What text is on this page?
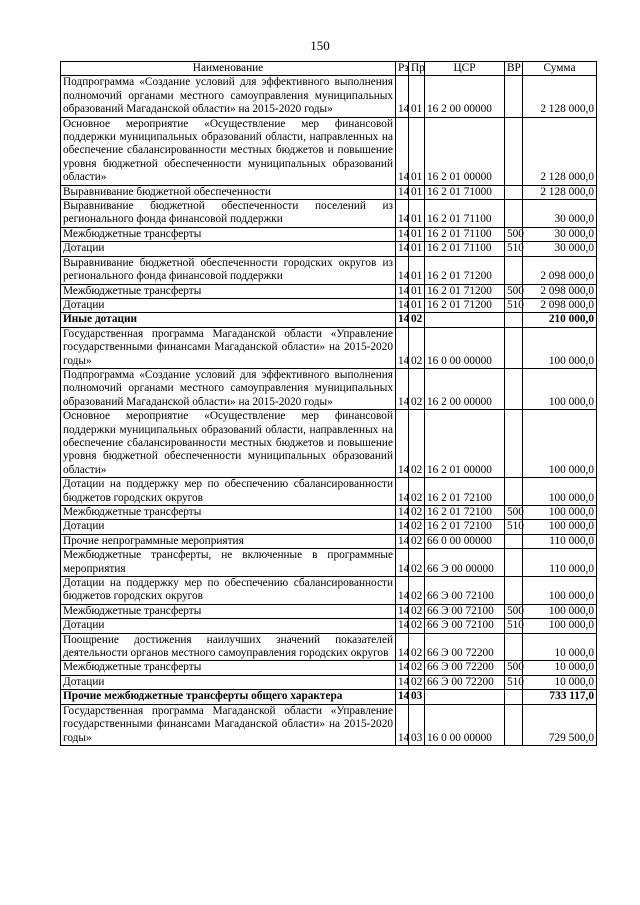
150
Наименование	Рз	Пр	ЦСР	ВР	Сумма
Подпрограмма «Создание условий для эффективного выполнения полномочий органами местного самоуправления муниципальных образований Магаданской области» на 2015-2020 годы»	14	01	16 2 00 00000		2 128 000,0
Основное мероприятие «Осуществление мер финансовой поддержки муниципальных образований области, направленных на обеспечение сбалансированности местных бюджетов и повышение уровня бюджетной обеспеченности муниципальных образований области»	14	01	16 2 01 00000		2 128 000,0
Выравнивание бюджетной обеспеченности	14	01	16 2 01 71000		2 128 000,0
Выравнивание бюджетной обеспеченности поселений из регионального фонда финансовой поддержки	14	01	16 2 01 71100		30 000,0
Межбюджетные трансферты	14	01	16 2 01 71100	500	30 000,0
Дотации	14	01	16 2 01 71100	510	30 000,0
Выравнивание бюджетной обеспеченности городских округов из регионального фонда финансовой поддержки	14	01	16 2 01 71200		2 098 000,0
Межбюджетные трансферты	14	01	16 2 01 71200	500	2 098 000,0
Дотации	14	01	16 2 01 71200	510	2 098 000,0
Иные дотации	14	02			210 000,0
Государственная программа Магаданской области «Управление государственными финансами Магаданской области» на 2015-2020 годы»	14	02	16 0 00 00000		100 000,0
Подпрограмма «Создание условий для эффективного выполнения полномочий органами местного самоуправления муниципальных образований Магаданской области» на 2015-2020 годы»	14	02	16 2 00 00000		100 000,0
Основное мероприятие «Осуществление мер финансовой поддержки муниципальных образований области, направленных на обеспечение сбалансированности местных бюджетов и повышение уровня бюджетной обеспеченности муниципальных образований области»	14	02	16 2 01 00000		100 000,0
Дотации на поддержку мер по обеспечению сбалансированности бюджетов городских округов	14	02	16 2 01 72100		100 000,0
Межбюджетные трансферты	14	02	16 2 01 72100	500	100 000,0
Дотации	14	02	16 2 01 72100	510	100 000,0
Прочие непрограммные мероприятия	14	02	66 0 00 00000		110 000,0
Межбюджетные трансферты, не включенные в программные мероприятия	14	02	66 Э 00 00000		110 000,0
Дотации на поддержку мер по обеспечению сбалансированности бюджетов городских округов	14	02	66 Э 00 72100		100 000,0
Межбюджетные трансферты	14	02	66 Э 00 72100	500	100 000,0
Дотации	14	02	66 Э 00 72100	510	100 000,0
Поощрение достижения наилучших значений показателей деятельности органов местного самоуправления городских округов	14	02	66 Э 00 72200		10 000,0
Межбюджетные трансферты	14	02	66 Э 00 72200	500	10 000,0
Дотации	14	02	66 Э 00 72200	510	10 000,0
Прочие межбюджетные трансферты общего характера	14	03			733 117,0
Государственная программа Магаданской области «Управление государственными финансами Магаданской области» на 2015-2020 годы»	14	03	16 0 00 00000		729 500,0
